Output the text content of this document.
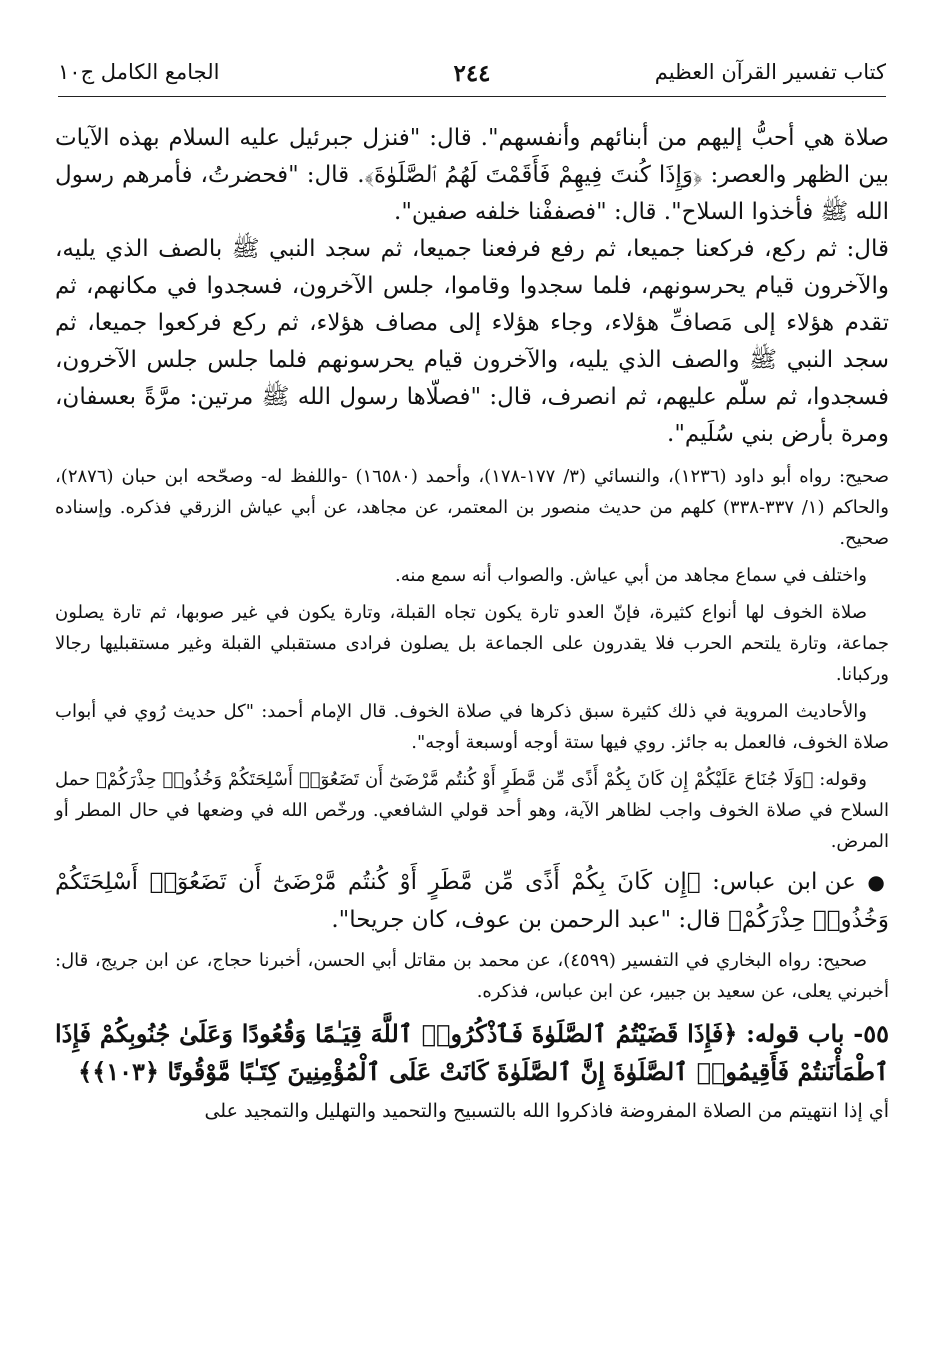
كتاب تفسير القرآن العظيم
٢٤٤
الجامع الكامل ج١٠

صلاة هي أحبُّ إليهم من أبنائهم وأنفسهم". قال: "فنزل جبرئيل عليه السلام بهذه الآيات بين الظهر والعصر: ﴿وَإِذَا كُنتَ فِيهِمْ فَأَقَمْتَ لَهُمُ ٱلصَّلَوٰةَ﴾. قال: "فحضرتُ، فأمرهم رسول الله ﷺ فأخذوا السلاح". قال: "فصففْنا خلفه صفين".

قال: ثم ركع، فركعنا جميعا، ثم رفع فرفعنا جميعا، ثم سجد النبي ﷺ بالصف الذي يليه، والآخرون قيام يحرسونهم، فلما سجدوا وقاموا، جلس الآخرون، فسجدوا في مكانهم، ثم تقدم هؤلاء إلى مَصافِّ هؤلاء، وجاء هؤلاء إلى مصاف هؤلاء، ثم ركع فركعوا جميعا، ثم سجد النبي ﷺ والصف الذي يليه، والآخرون قيام يحرسونهم فلما جلس جلس الآخرون، فسجدوا، ثم سلّم عليهم، ثم انصرف، قال: "فصلّاها رسول الله ﷺ مرتين: مرَّةً بعسفان، ومرة بأرض بني سُلَيم".

صحيح: رواه أبو داود (١٢٣٦)، والنسائي (٣/ ١٧٧-١٧٨)، وأحمد (١٦٥٨٠) -واللفظ له- وصحّحه ابن حبان (٢٨٧٦)، والحاكم (١/ ٣٣٧-٣٣٨) كلهم من حديث منصور بن المعتمر، عن مجاهد، عن أبي عياش الزرقي فذكره. وإسناده صحيح.

واختلف في سماع مجاهد من أبي عياش. والصواب أنه سمع منه.

صلاة الخوف لها أنواع كثيرة، فإنّ العدو تارة يكون تجاه القبلة، وتارة يكون في غير صوبها، ثم تارة يصلون جماعة، وتارة يلتحم الحرب فلا يقدرون على الجماعة بل يصلون فرادى مستقبلي القبلة وغير مستقبليها رجالا وركبانا.

والأحاديث المروية في ذلك كثيرة سبق ذكرها في صلاة الخوف. قال الإمام أحمد: "كل حديث رُوي في أبواب صلاة الخوف، فالعمل به جائز. روي فيها ستة أوجه أوسبعة أوجه".

وقوله: ﴿وَلَا جُنَاحَ عَلَيْكُمْ إِن كَانَ بِكُمْ أَذًى مِّن مَّطَرٍ أَوْ كُنتُم مَّرْضَىٰٓ أَن تَضَعُوٓا۟ أَسْلِحَتَكُمْ وَخُذُوا۟ حِذْرَكُمْ﴾ حمل السلاح في صلاة الخوف واجب لظاهر الآية، وهو أحد قولي الشافعي. ورخّص الله في وضعها في حال المطر أو المرض.

● عن ابن عباس: ﴿إِن كَانَ بِكُمْ أَذًى مِّن مَّطَرٍ أَوْ كُنتُم مَّرْضَىٰٓ أَن تَضَعُوٓا۟ أَسْلِحَتَكُمْ وَخُذُوا۟ حِذْرَكُمْ﴾ قال: "عبد الرحمن بن عوف، كان جريحا".

صحيح: رواه البخاري في التفسير (٤٥٩٩)، عن محمد بن مقاتل أبي الحسن، أخبرنا حجاج، عن ابن جريج، قال: أخبرني يعلى، عن سعيد بن جبير، عن ابن عباس، فذكره.

٥٥- باب قوله: ﴿فَإِذَا قَضَيْتُمُ ٱلصَّلَوٰةَ فَٱذْكُرُوا۟ ٱللَّهَ قِيَـٰمًا وَقُعُودًا وَعَلَىٰ جُنُوبِكُمْ فَإِذَا ٱطْمَأْنَنتُمْ فَأَقِيمُوا۟ ٱلصَّلَوٰةَ إِنَّ ٱلصَّلَوٰةَ كَانَتْ عَلَى ٱلْمُؤْمِنِينَ كِتَـٰبًا مَّوْقُوتًا ﴿١٠٣﴾﴾

أي إذا انتهيتم من الصلاة المفروضة فاذكروا الله بالتسبيح والتحميد والتهليل والتمجيد على
